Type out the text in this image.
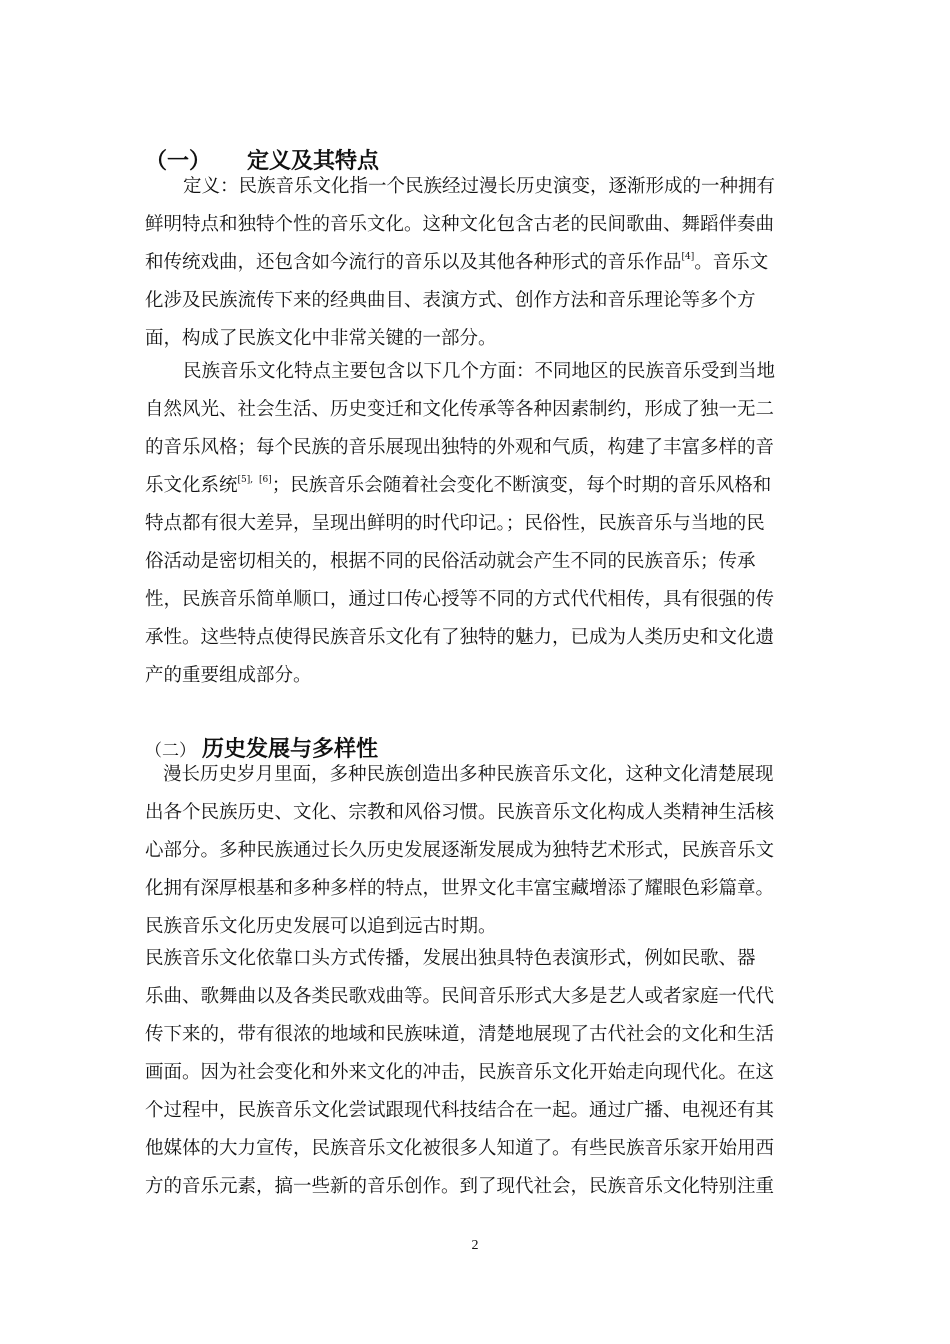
（一） 定义及其特点
定义：民族音乐文化指一个民族经过漫长历史演变，逐渐形成的一种拥有
鲜明特点和独特个性的音乐文化。这种文化包含古老的民间歌曲、舞蹈伴奏曲
和传统戏曲，还包含如今流行的音乐以及其他各种形式的音乐作品[4]。音乐文
化涉及民族流传下来的经典曲目、表演方式、创作方法和音乐理论等多个方
面，构成了民族文化中非常关键的一部分。
民族音乐文化特点主要包含以下几个方面：不同地区的民族音乐受到当地
自然风光、社会生活、历史变迁和文化传承等各种因素制约，形成了独一无二
的音乐风格；每个民族的音乐展现出独特的外观和气质，构建了丰富多样的音
乐文化系统$^{[5],}$ [6]；民族音乐会随着社会变化不断演变，每个时期的音乐风格和
特点都有很大差异，呈现出鲜明的时代印记。；民俗性，民族音乐与当地的民
俗活动是密切相关的，根据不同的民俗活动就会产生不同的民族音乐；传承
性，民族音乐简单顺口，通过口传心授等不同的方式代代相传，具有很强的传
承性。这些特点使得民族音乐文化有了独特的魅力，已成为人类历史和文化遗
产的重要组成部分。
（二） 历史发展与多样性
漫长历史岁月里面，多种民族创造出多种民族音乐文化，这种文化清楚展现
出各个民族历史、文化、宗教和风俗习惯。民族音乐文化构成人类精神生活核
心部分。多种民族通过长久历史发展逐渐发展成为独特艺术形式，民族音乐文
化拥有深厚根基和多种多样的特点，世界文化丰富宝藏增添了耀眼色彩篇章。
民族音乐文化历史发展可以追到远古时期。
民族音乐文化依靠口头方式传播，发展出独具特色表演形式，例如民歌、器
乐曲、歌舞曲以及各类民歌戏曲等。民间音乐形式大多是艺人或者家庭一代代
传下来的，带有很浓的地域和民族味道，清楚地展现了古代社会的文化和生活
画面。因为社会变化和外来文化的冲击，民族音乐文化开始走向现代化。在这
个过程中，民族音乐文化尝试跟现代科技结合在一起。通过广播、电视还有其
他媒体的大力宣传，民族音乐文化被很多人知道了。有些民族音乐家开始用西
方的音乐元素，搞一些新的音乐创作。到了现代社会，民族音乐文化特别注重
2
